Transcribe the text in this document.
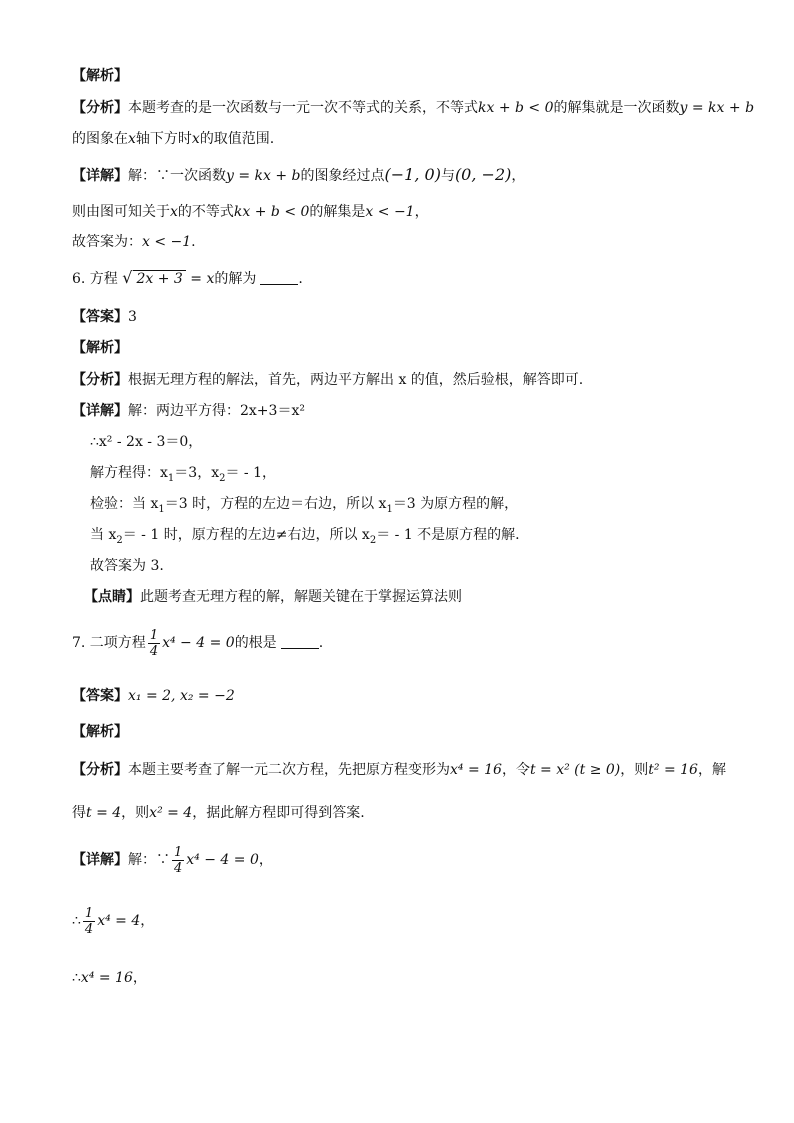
【解析】
【分析】本题考查的是一次函数与一元一次不等式的关系，不等式kx + b < 0的解集就是一次函数y = kx + b
的图象在x轴下方时x的取值范围.
【详解】解：∵一次函数y = kx + b的图象经过点(−1, 0)与(0, −2)，
则由图可知关于x的不等式kx + b < 0的解集是x < −1，
故答案为：x < −1.
6. 方程 √ 2x + 3 = x的解为	.
【答案】3
【解析】
【分析】根据无理方程的解法，首先，两边平方解出 x 的值，然后验根，解答即可.
【详解】解：两边平方得：2x+3＝x²
∴x² - 2x - 3＝0，
解方程得：$x_1=3$，$x_2= - 1$，
检验：当 $x_1=3$ 时，方程的左边＝右边，所以 $x_1=3$ 为原方程的解，
当 $x_2= - 1$ 时，原方程的左边≠右边，所以 $x_2= - 1$ 不是原方程的解.
故答案为 3.
【点睛】此题考查无理方程的解，解题关键在于掌握运算法则
7. 二项方程 $\frac{1}{4} x^4 - 4 = 0$的根是	.
【答案】x₁ = 2, x₂ = −2
【解析】
【分析】本题主要考查了解一元二次方程，先把原方程变形为x⁴ = 16，令t = x² (t ≥ 0)，则t² = 16，解
得t = 4，则x² = 4，据此解方程即可得到答案.
【详解】解：∵ $\frac{1}{4} x^4 - 4 = 0$，
∴ $\frac{1}{4} x^4 = 4$，
∴x⁴ = 16，
